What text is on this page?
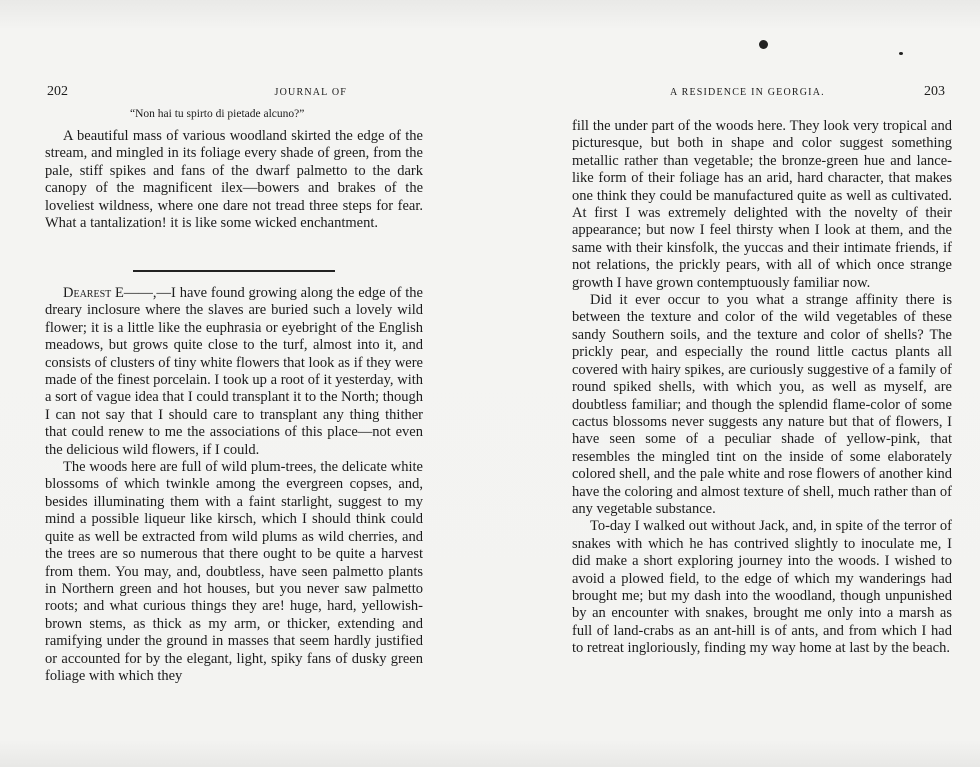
202	JOURNAL OF
“Non hai tu spirto di pietade alcuno?”

A beautiful mass of various woodland skirted the edge of the stream, and mingled in its foliage every shade of green, from the pale, stiff spikes and fans of the dwarf palmetto to the dark canopy of the magnificent ilex—bowers and brakes of the loveliest wildness, where one dare not tread three steps for fear. What a tantalization! it is like some wicked enchantment.

Dearest E——,—I have found growing along the edge of the dreary inclosure where the slaves are buried such a lovely wild flower; it is a little like the euphrasia or eyebright of the English meadows, but grows quite close to the turf, almost into it, and consists of clusters of tiny white flowers that look as if they were made of the finest porcelain. I took up a root of it yesterday, with a sort of vague idea that I could transplant it to the North; though I can not say that I should care to transplant any thing thither that could renew to me the associations of this place—not even the delicious wild flowers, if I could.

The woods here are full of wild plum-trees, the delicate white blossoms of which twinkle among the evergreen copses, and, besides illuminating them with a faint starlight, suggest to my mind a possible liqueur like kirsch, which I should think could quite as well be extracted from wild plums as wild cherries, and the trees are so numerous that there ought to be quite a harvest from them. You may, and, doubtless, have seen palmetto plants in Northern green and hot houses, but you never saw palmetto roots; and what curious things they are! huge, hard, yellowish-brown stems, as thick as my arm, or thicker, extending and ramifying under the ground in masses that seem hardly justified or accounted for by the elegant, light, spiky fans of dusky green foliage with which they

A RESIDENCE IN GEORGIA.	203

fill the under part of the woods here. They look very tropical and picturesque, but both in shape and color suggest something metallic rather than vegetable; the bronze-green hue and lance-like form of their foliage has an arid, hard character, that makes one think they could be manufactured quite as well as cultivated. At first I was extremely delighted with the novelty of their appearance; but now I feel thirsty when I look at them, and the same with their kinsfolk, the yuccas and their intimate friends, if not relations, the prickly pears, with all of which once strange growth I have grown contemptuously familiar now.

Did it ever occur to you what a strange affinity there is between the texture and color of the wild vegetables of these sandy Southern soils, and the texture and color of shells? The prickly pear, and especially the round little cactus plants all covered with hairy spikes, are curiously suggestive of a family of round spiked shells, with which you, as well as myself, are doubtless familiar; and though the splendid flame-color of some cactus blossoms never suggests any nature but that of flowers, I have seen some of a peculiar shade of yellow-pink, that resembles the mingled tint on the inside of some elaborately colored shell, and the pale white and rose flowers of another kind have the coloring and almost texture of shell, much rather than of any vegetable substance.

To-day I walked out without Jack, and, in spite of the terror of snakes with which he has contrived slightly to inoculate me, I did make a short exploring journey into the woods. I wished to avoid a plowed field, to the edge of which my wanderings had brought me; but my dash into the woodland, though unpunished by an encounter with snakes, brought me only into a marsh as full of land-crabs as an ant-hill is of ants, and from which I had to retreat ingloriously, finding my way home at last by the beach.
